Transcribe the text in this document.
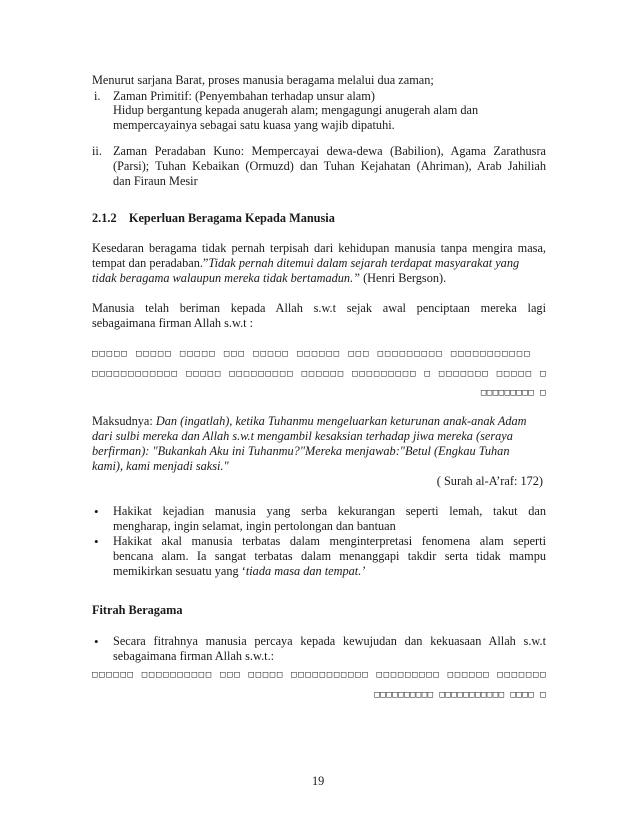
Menurut sarjana Barat, proses manusia beragama melalui dua zaman;
i. Zaman Primitif: (Penyembahan terhadap unsur alam)
Hidup bergantung kepada anugerah alam; mengagungi anugerah alam dan
mempercayainya sebagai satu kuasa yang wajib dipatuhi.
ii. Zaman Peradaban Kuno: Mempercayai dewa-dewa (Babilion), Agama Zarathusra
(Parsi); Tuhan Kebaikan (Ormuzd) dan Tuhan Kejahatan (Ahriman), Arab Jahiliah
dan Firaun Mesir
2.1.2    Keperluan Beragama Kepada Manusia
Kesedaran beragama tidak pernah terpisah dari kehidupan manusia tanpa mengira masa,
tempat dan peradaban.”Tidak pernah ditemui dalam sejarah terdapat masyarakat yang
tidak beragama walaupun mereka tidak bertamadun.” (Henri Bergson).
Manusia telah beriman kepada Allah s.w.t sejak awal penciptaan mereka lagi
sebagaimana firman Allah s.w.t :
□□□□□ □□□□□ □□□□□ □□□ □□□□□ □□□□□□ □□□ □□□□□□□□□ □□□□□□□□□□□
□□□□□□□□□□□□ □□□□□ □□□□□□□□□ □□□□□□ □□□□□□□□□ □ □□□□□□□ □□□□□ □
□□□□□□□□□ □
Maksudnya: Dan (ingatlah), ketika Tuhanmu mengeluarkan keturunan anak-anak Adam
dari sulbi mereka dan Allah s.w.t mengambil kesaksian terhadap jiwa mereka (seraya
berfirman): "Bukankah Aku ini Tuhanmu?"Mereka menjawab:"Betul (Engkau Tuhan
kami), kami menjadi saksi."
( Surah al-A’raf: 172)
• Hakikat kejadian manusia yang serba kekurangan seperti lemah, takut dan
mengharap, ingin selamat, ingin pertolongan dan bantuan
• Hakikat akal manusia terbatas dalam menginterpretasi fenomena alam seperti
bencana alam. Ia sangat terbatas dalam menanggapi takdir serta tidak mampu
memikirkan sesuatu yang ‘tiada masa dan tempat.’
Fitrah Beragama
• Secara fitrahnya manusia percaya kepada kewujudan dan kekuasaan Allah s.w.t
sebagaimana firman Allah s.w.t.:
□□□□□□ □□□□□□□□□□ □□□ □□□□□ □□□□□□□□□□□ □□□□□□□□□ □□□□□□ □□□□□□□
□□□□□□□□□□ □□□□□□□□□□□ □□□□ □
19
